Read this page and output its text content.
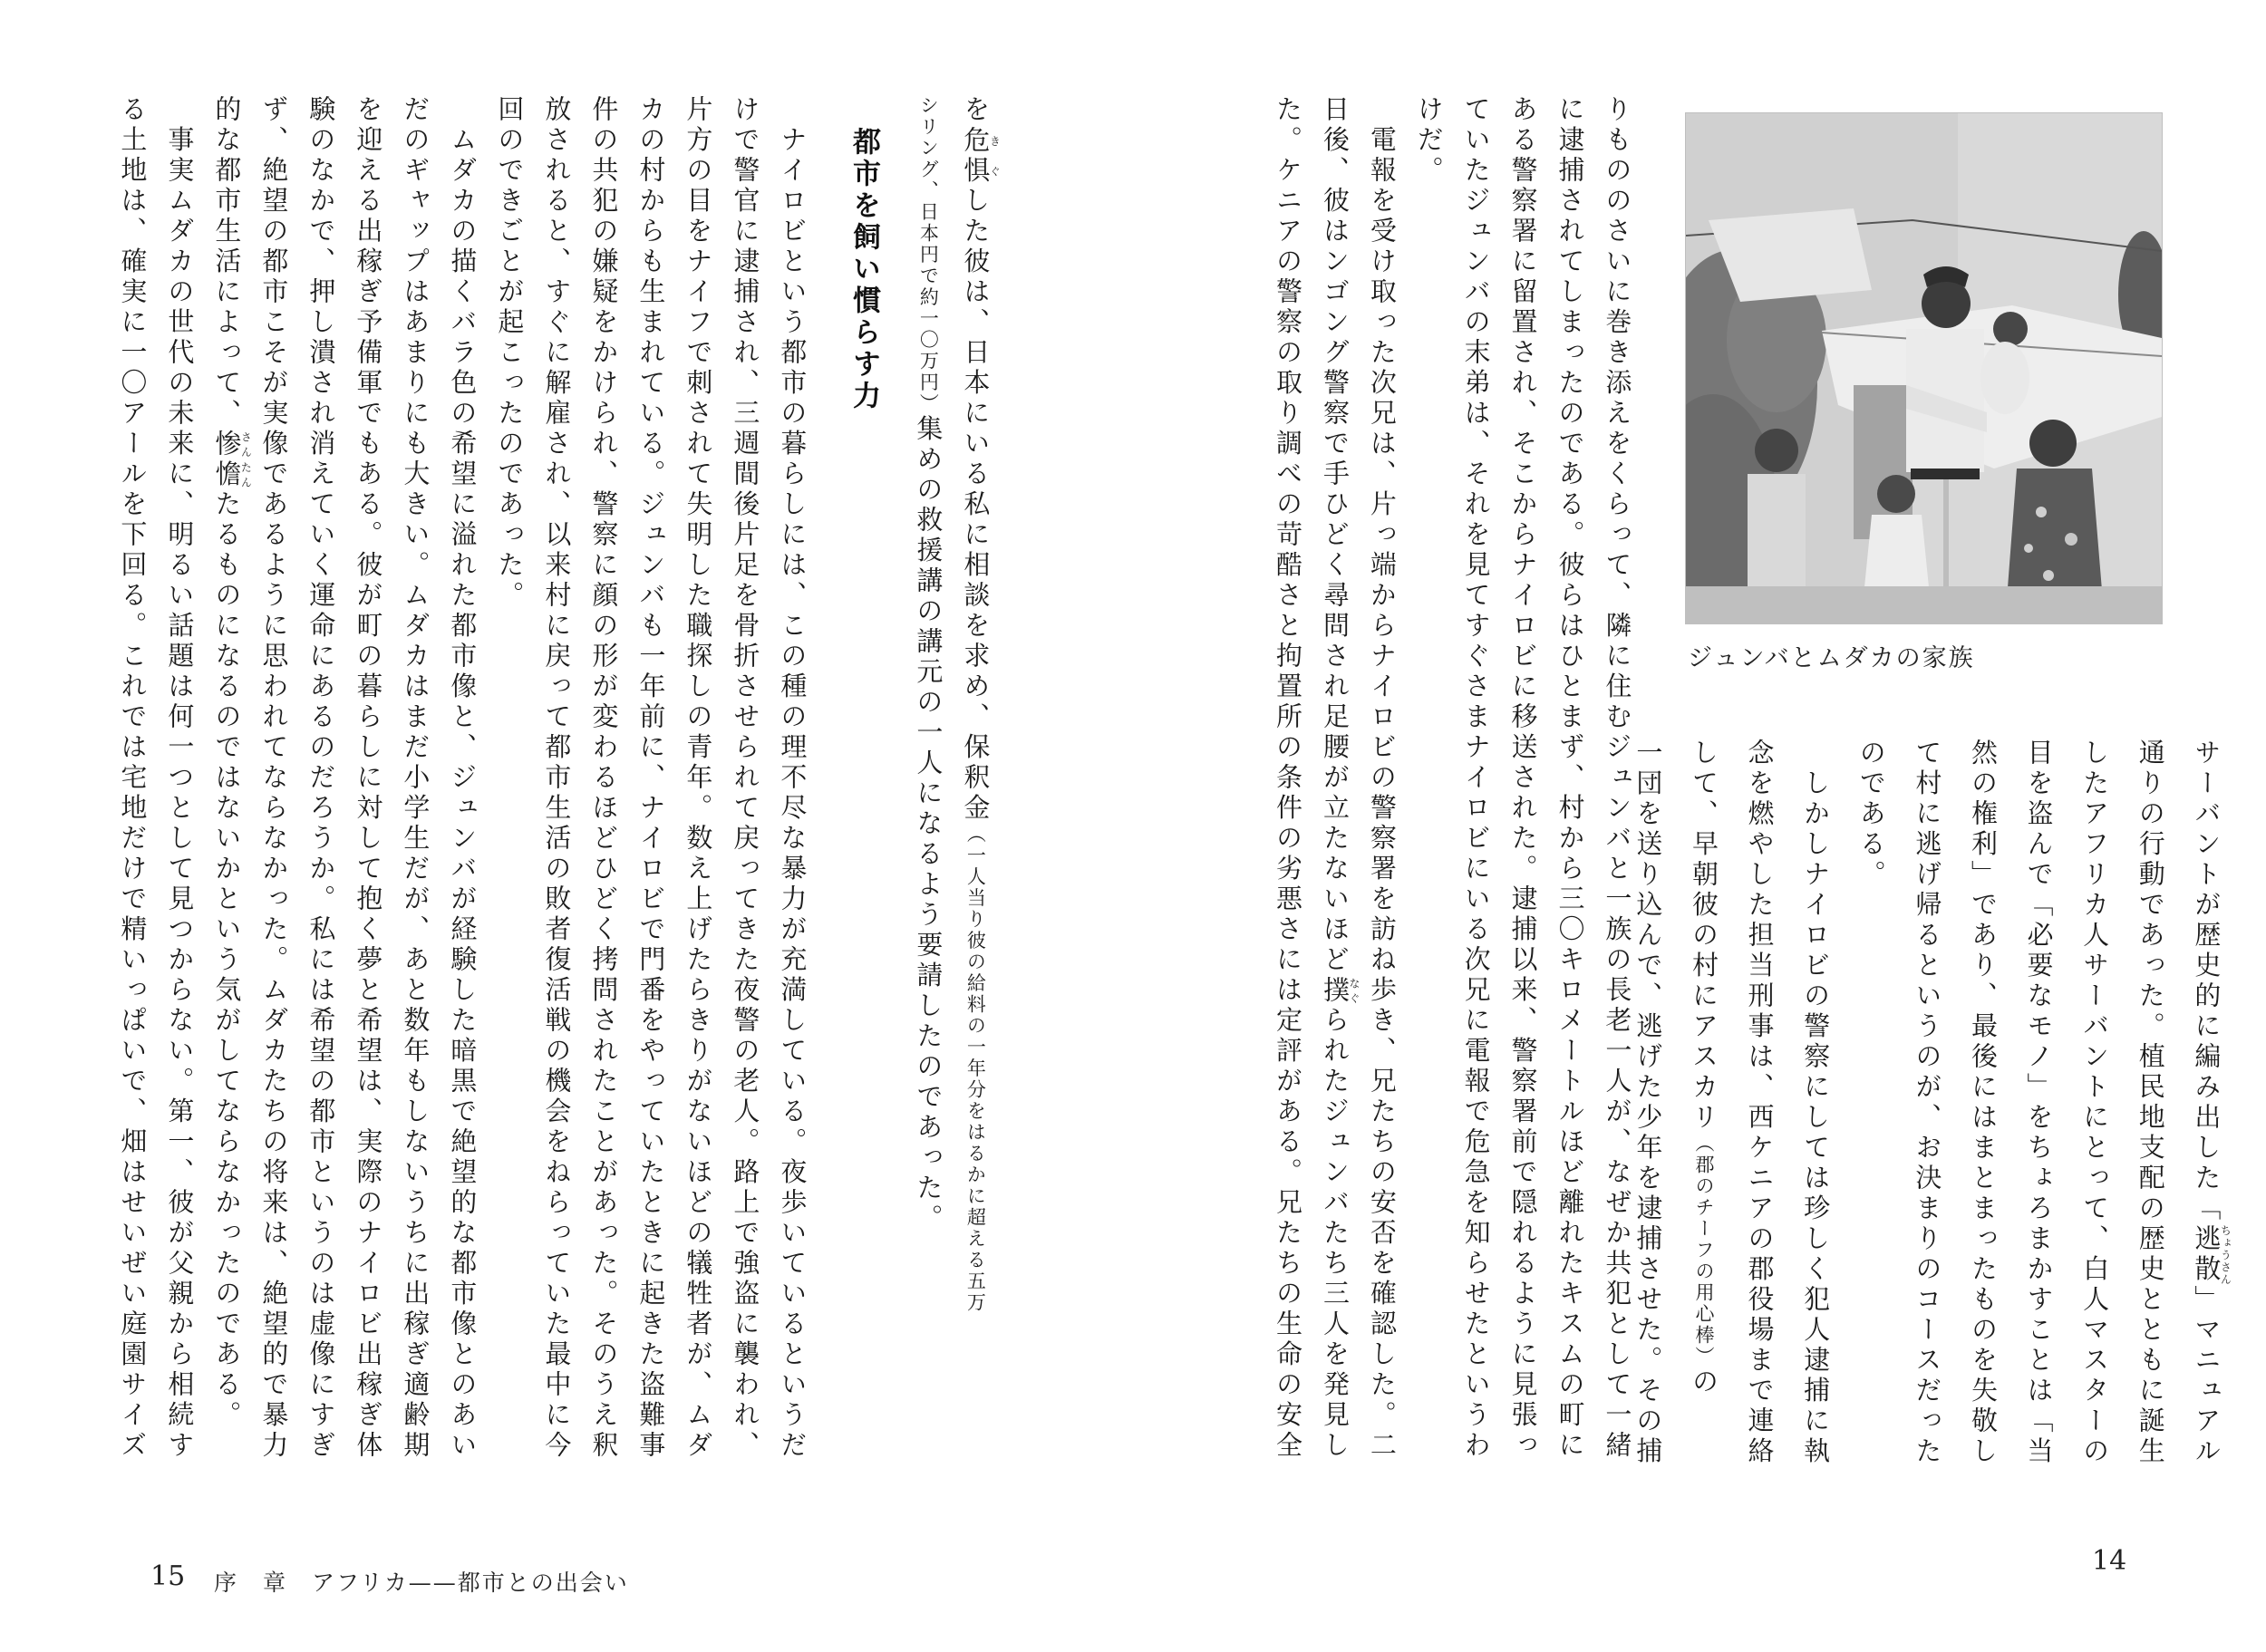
ジュンバとムダカの家族
サーバントが歴史的に編み出した「逃散ちょうさん」マニュアル
通りの行動であった。植民地支配の歴史とともに誕生
したアフリカ人サーバントにとって、白人マスターの
目を盗んで「必要なモノ」をちょろまかすことは「当
然の権利」であり、最後にはまとまったものを失敬し
て村に逃げ帰るというのが、お決まりのコースだった
のである。
　しかしナイロビの警察にしては珍しく犯人逮捕に執
念を燃やした担当刑事は、西ケニアの郡役場まで連絡
して、早朝彼の村にアスカリ（郡のチーフの用心棒）の
一団を送り込んで、逃げた少年を逮捕させた。その捕
りもののさいに巻き添えをくらって、隣に住むジュンバと一族の長老一人が、なぜか共犯として一緒
に逮捕されてしまったのである。彼らはひとまず、村から三〇キロメートルほど離れたキスムの町に
ある警察署に留置され、そこからナイロビに移送された。逮捕以来、警察署前で隠れるように見張っ
ていたジュンバの末弟は、それを見てすぐさまナイロビにいる次兄に電報で危急を知らせたというわ
けだ。
　電報を受け取った次兄は、片っ端からナイロビの警察署を訪ね歩き、兄たちの安否を確認した。二
日後、彼はンゴング警察で手ひどく尋問され足腰が立たないほど撲なぐられたジュンバたち三人を発見し
た。ケニアの警察の取り調べの苛酷さと拘置所の条件の劣悪さには定評がある。兄たちの生命の安全
14
を危惧きぐした彼は、日本にいる私に相談を求め、保釈金（一人当り彼の給料の一年分をはるかに超える五万
シリング、日本円で約一〇万円）集めの救援講の講元の一人になるよう要請したのであった。
都市を飼い慣らす力
　ナイロビという都市の暮らしには、この種の理不尽な暴力が充満している。夜歩いているというだ
けで警官に逮捕され、三週間後片足を骨折させられて戻ってきた夜警の老人。路上で強盗に襲われ、
片方の目をナイフで刺されて失明した職探しの青年。数え上げたらきりがないほどの犠牲者が、ムダ
カの村からも生まれている。ジュンバも一年前に、ナイロビで門番をやっていたときに起きた盗難事
件の共犯の嫌疑をかけられ、警察に顔の形が変わるほどひどく拷問されたことがあった。そのうえ釈
放されると、すぐに解雇され、以来村に戻って都市生活の敗者復活戦の機会をねらっていた最中に今
回のできごとが起こったのであった。
　ムダカの描くバラ色の希望に溢れた都市像と、ジュンバが経験した暗黒で絶望的な都市像とのあい
だのギャップはあまりにも大きい。ムダカはまだ小学生だが、あと数年もしないうちに出稼ぎ適齢期
を迎える出稼ぎ予備軍でもある。彼が町の暮らしに対して抱く夢と希望は、実際のナイロビ出稼ぎ体
験のなかで、押し潰され消えていく運命にあるのだろうか。私には希望の都市というのは虚像にすぎ
ず、絶望の都市こそが実像であるように思われてならなかった。ムダカたちの将来は、絶望的で暴力
的な都市生活によって、惨憺さんたんたるものになるのではないかという気がしてならなかったのである。
　事実ムダカの世代の未来に、明るい話題は何一つとして見つからない。第一、彼が父親から相続す
る土地は、確実に一〇アールを下回る。これでは宅地だけで精いっぱいで、畑はせいぜい庭園サイズ
15 序　章　アフリカ——都市との出会い
